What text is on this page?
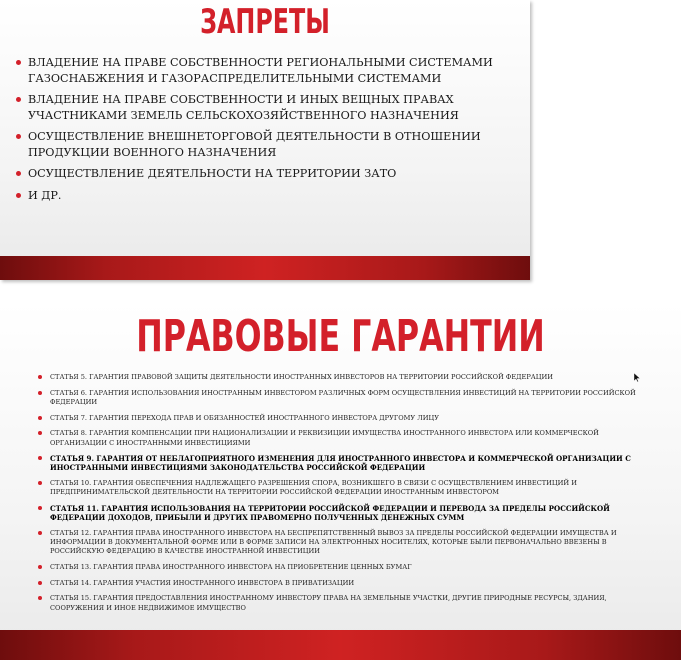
ЗАПРЕТЫ
ВЛАДЕНИЕ НА ПРАВЕ СОБСТВЕННОСТИ РЕГИОНАЛЬНЫМИ СИСТЕМАМИ ГАЗОСНАБЖЕНИЯ И ГАЗОРАСПРЕДЕЛИТЕЛЬНЫМИ СИСТЕМАМИ
ВЛАДЕНИЕ НА ПРАВЕ СОБСТВЕННОСТИ И ИНЫХ ВЕЩНЫХ ПРАВАХ УЧАСТНИКАМИ ЗЕМЕЛЬ СЕЛЬСКОХОЗЯЙСТВЕННОГО НАЗНАЧЕНИЯ
ОСУЩЕСТВЛЕНИЕ ВНЕШНЕТОРГОВОЙ ДЕЯТЕЛЬНОСТИ В ОТНОШЕНИИ ПРОДУКЦИИ ВОЕННОГО НАЗНАЧЕНИЯ
ОСУЩЕСТВЛЕНИЕ ДЕЯТЕЛЬНОСТИ НА ТЕРРИТОРИИ ЗАТО
И ДР.
ПРАВОВЫЕ ГАРАНТИИ
СТАТЬЯ 5. ГАРАНТИЯ ПРАВОВОЙ ЗАЩИТЫ ДЕЯТЕЛЬНОСТИ ИНОСТРАННЫХ ИНВЕСТОРОВ НА ТЕРРИТОРИИ РОССИЙСКОЙ ФЕДЕРАЦИИ
СТАТЬЯ 6. ГАРАНТИЯ ИСПОЛЬЗОВАНИЯ ИНОСТРАННЫМ ИНВЕСТОРОМ РАЗЛИЧНЫХ ФОРМ ОСУЩЕСТВЛЕНИЯ ИНВЕСТИЦИЙ НА ТЕРРИТОРИИ РОССИЙСКОЙ ФЕДЕРАЦИИ
СТАТЬЯ 7. ГАРАНТИЯ ПЕРЕХОДА ПРАВ И ОБЯЗАННОСТЕЙ ИНОСТРАННОГО ИНВЕСТОРА ДРУГОМУ ЛИЦУ
СТАТЬЯ 8. ГАРАНТИЯ КОМПЕНСАЦИИ ПРИ НАЦИОНАЛИЗАЦИИ И РЕКВИЗИЦИИ ИМУЩЕСТВА ИНОСТРАННОГО ИНВЕСТОРА ИЛИ КОММЕРЧЕСКОЙ ОРГАНИЗАЦИИ С ИНОСТРАННЫМИ ИНВЕСТИЦИЯМИ
СТАТЬЯ 9. ГАРАНТИЯ ОТ НЕБЛАГОПРИЯТНОГО ИЗМЕНЕНИЯ ДЛЯ ИНОСТРАННОГО ИНВЕСТОРА И КОММЕРЧЕСКОЙ ОРГАНИЗАЦИИ С ИНОСТРАННЫМИ ИНВЕСТИЦИЯМИ ЗАКОНОДАТЕЛЬСТВА РОССИЙСКОЙ ФЕДЕРАЦИИ
СТАТЬЯ 10. ГАРАНТИЯ ОБЕСПЕЧЕНИЯ НАДЛЕЖАЩЕГО РАЗРЕШЕНИЯ СПОРА, ВОЗНИКШЕГО В СВЯЗИ С ОСУЩЕСТВЛЕНИЕМ ИНВЕСТИЦИЙ И ПРЕДПРИНИМАТЕЛЬСКОЙ ДЕЯТЕЛЬНОСТИ НА ТЕРРИТОРИИ РОССИЙСКОЙ ФЕДЕРАЦИИ ИНОСТРАННЫМ ИНВЕСТОРОМ
СТАТЬЯ 11. ГАРАНТИЯ ИСПОЛЬЗОВАНИЯ НА ТЕРРИТОРИИ РОССИЙСКОЙ ФЕДЕРАЦИИ И ПЕРЕВОДА ЗА ПРЕДЕЛЫ РОССИЙСКОЙ ФЕДЕРАЦИИ ДОХОДОВ, ПРИБЫЛИ И ДРУГИХ ПРАВОМЕРНО ПОЛУЧЕННЫХ ДЕНЕЖНЫХ СУММ
СТАТЬЯ 12. ГАРАНТИЯ ПРАВА ИНОСТРАННОГО ИНВЕСТОРА НА БЕСПРЕПЯТСТВЕННЫЙ ВЫВОЗ ЗА ПРЕДЕЛЫ РОССИЙСКОЙ ФЕДЕРАЦИИ ИМУЩЕСТВА И ИНФОРМАЦИИ В ДОКУМЕНТАЛЬНОЙ ФОРМЕ ИЛИ В ФОРМЕ ЗАПИСИ НА ЭЛЕКТРОННЫХ НОСИТЕЛЯХ, КОТОРЫЕ БЫЛИ ПЕРВОНАЧАЛЬНО ВВЕЗЕНЫ В РОССИЙСКУЮ ФЕДЕРАЦИЮ В КАЧЕСТВЕ ИНОСТРАННОЙ ИНВЕСТИЦИИ
СТАТЬЯ 13. ГАРАНТИЯ ПРАВА ИНОСТРАННОГО ИНВЕСТОРА НА ПРИОБРЕТЕНИЕ ЦЕННЫХ БУМАГ
СТАТЬЯ 14. ГАРАНТИЯ УЧАСТИЯ ИНОСТРАННОГО ИНВЕСТОРА В ПРИВАТИЗАЦИИ
СТАТЬЯ 15. ГАРАНТИЯ ПРЕДОСТАВЛЕНИЯ ИНОСТРАННОМУ ИНВЕСТОРУ ПРАВА НА ЗЕМЕЛЬНЫЕ УЧАСТКИ, ДРУГИЕ ПРИРОДНЫЕ РЕСУРСЫ, ЗДАНИЯ, СООРУЖЕНИЯ И ИНОЕ НЕДВИЖИМОЕ ИМУЩЕСТВО
